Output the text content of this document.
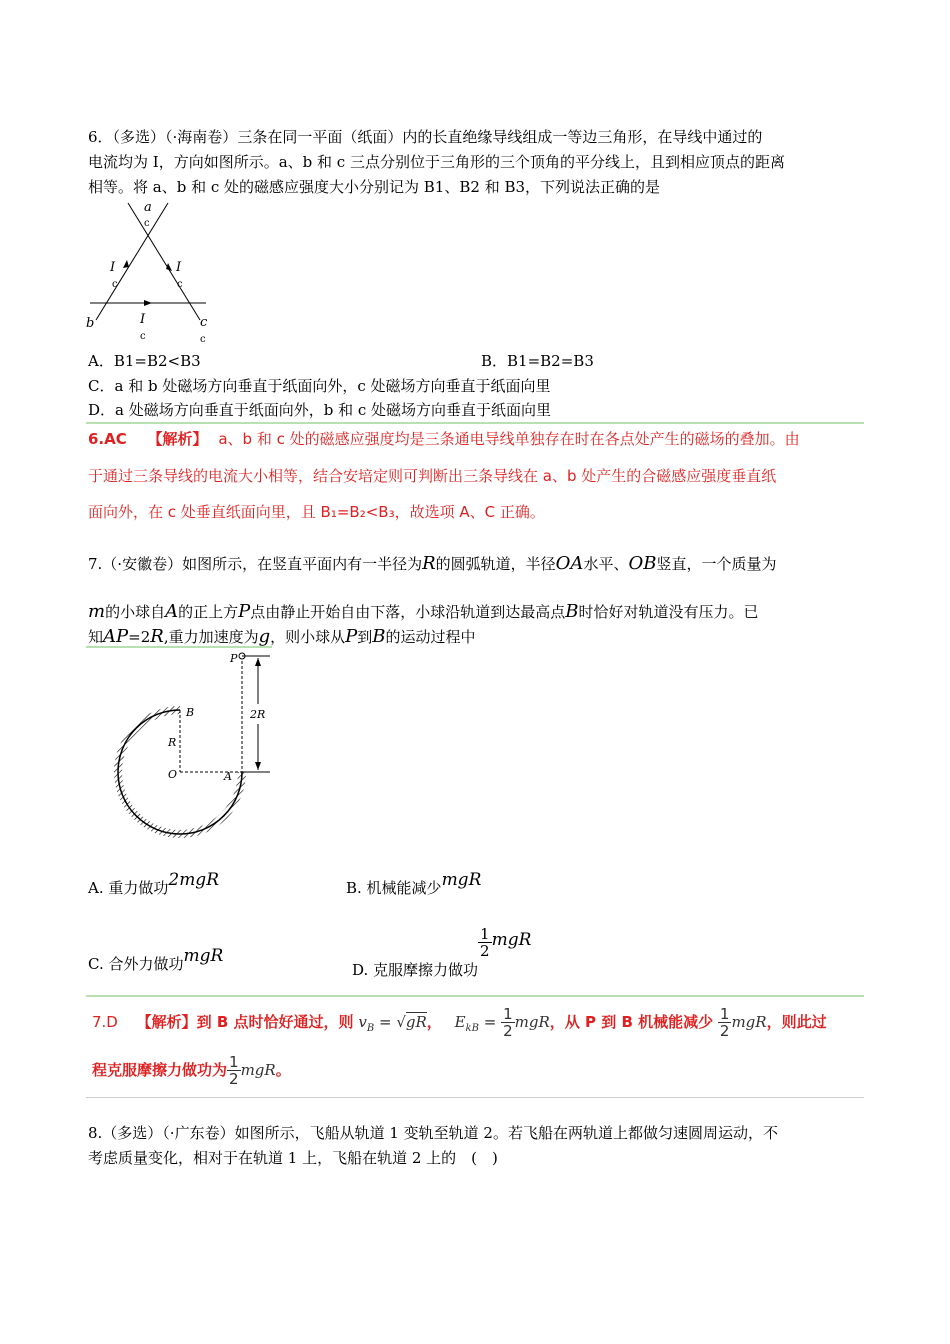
6．（多选）（·海南卷）三条在同一平面（纸面）内的长直绝缘导线组成一等边三角形，在导线中通过的
电流均为 I，方向如图所示。a、b 和 c 三点分别位于三角形的三个顶角的平分线上，且到相应顶点的距离
相等。将 a、b 和 c 处的磁感应强度大小分别记为 B1、B2 和 B3，下列说法正确的是
a
c
I
c
I
c
I
c
b	c
c
A．B1=B2<B3	B．B1=B2=B3
C．a 和 b 处磁场方向垂直于纸面向外，c 处磁场方向垂直于纸面向里
D．a 处磁场方向垂直于纸面向外，b 和 c 处磁场方向垂直于纸面向里
6.AC 【解析】 a、b 和 c 处的磁感应强度均是三条通电导线单独存在时在各点处产生的磁场的叠加。由
于通过三条导线的电流大小相等，结合安培定则可判断出三条导线在 a、b 处产生的合磁感应强度垂直纸
面向外，在 c 处垂直纸面向里，且 B₁=B₂<B₃，故选项 A、C 正确。
7.（·安徽卷）如图所示，在竖直平面内有一半径为R的圆弧轨道，半径OA水平、OB竖直，一个质量为
m的小球自A的正上方P点由静止开始自由下落，小球沿轨道到达最高点B时恰好对轨道没有压力。已
知AP=2R,重力加速度为g，则小球从P到B的运动过程中
P
B
R
O	A
2R
A. 重力做功2mgR	B. 机械能减少mgR
C. 合外力做功mgR
D. 克服摩擦力做功
$\frac{1}{2}$ mgR
7.D 【解析】到 B 点时恰好通过，则 $v_B = √gR$， $E_{kB} = \frac{1}{2}$ mgR，从 P 到 B 机械能减少 $\frac{1}{2}$ mgR，则此过
程克服摩擦力做功为 $\frac{1}{2}$ mgR。
8.（多选）（·广东卷）如图所示，飞船从轨道 1 变轨至轨道 2。若飞船在两轨道上都做匀速圆周运动，不
考虑质量变化，相对于在轨道 1 上，飞船在轨道 2 上的　(　)
